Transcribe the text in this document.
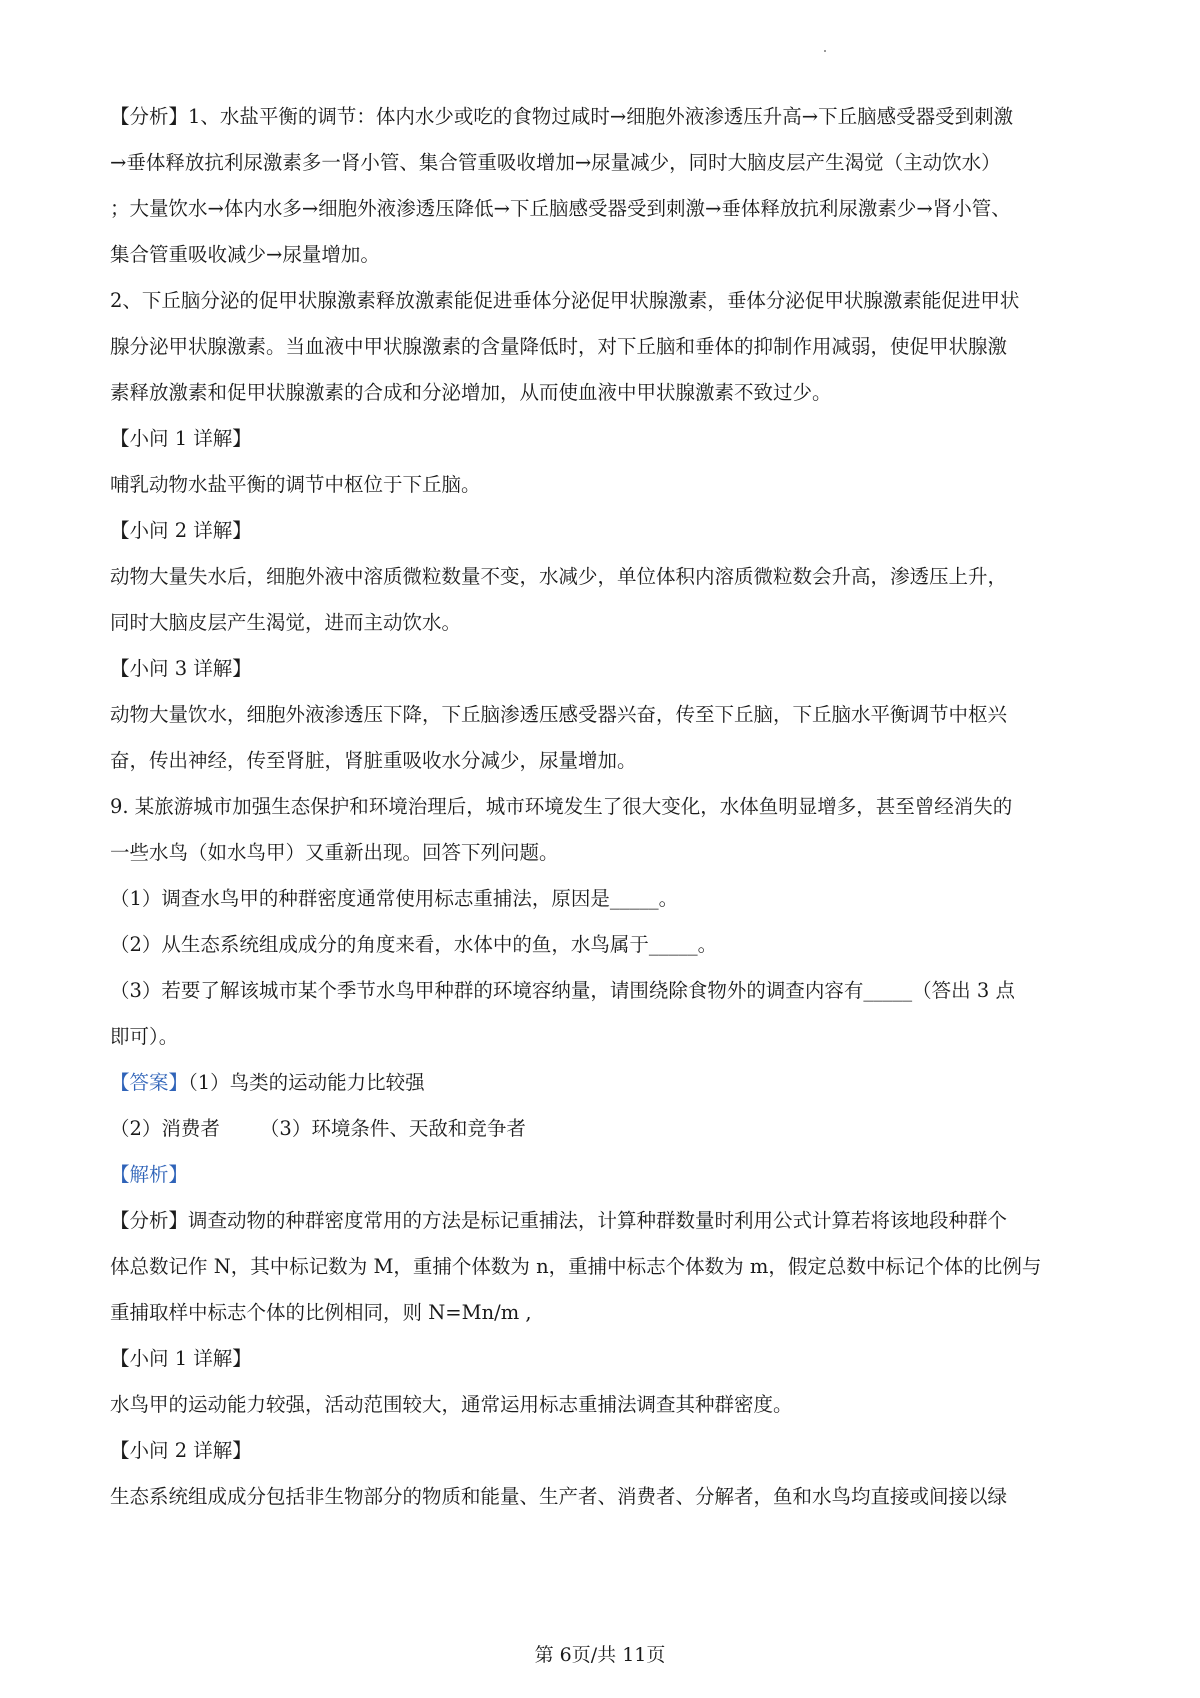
【分析】1、水盐平衡的调节：体内水少或吃的食物过咸时→细胞外液渗透压升高→下丘脑感受器受到刺激

→垂体释放抗利尿激素多一肾小管、集合管重吸收增加→尿量减少，同时大脑皮层产生渴觉（主动饮水）

；大量饮水→体内水多→细胞外液渗透压降低→下丘脑感受器受到刺激→垂体释放抗利尿激素少→肾小管、

集合管重吸收减少→尿量增加。

2、下丘脑分泌的促甲状腺激素释放激素能促进垂体分泌促甲状腺激素，垂体分泌促甲状腺激素能促进甲状

腺分泌甲状腺激素。当血液中甲状腺激素的含量降低时，对下丘脑和垂体的抑制作用减弱，使促甲状腺激

素释放激素和促甲状腺激素的合成和分泌增加，从而使血液中甲状腺激素不致过少。

【小问 1 详解】

哺乳动物水盐平衡的调节中枢位于下丘脑。

【小问 2 详解】

动物大量失水后，细胞外液中溶质微粒数量不变，水减少，单位体积内溶质微粒数会升高，渗透压上升，

同时大脑皮层产生渴觉，进而主动饮水。

【小问 3 详解】

动物大量饮水，细胞外液渗透压下降，下丘脑渗透压感受器兴奋，传至下丘脑，下丘脑水平衡调节中枢兴

奋，传出神经，传至肾脏，肾脏重吸收水分减少，尿量增加。

9. 某旅游城市加强生态保护和环境治理后，城市环境发生了很大变化，水体鱼明显增多，甚至曾经消失的

一些水鸟（如水鸟甲）又重新出现。回答下列问题。

（1）调查水鸟甲的种群密度通常使用标志重捕法，原因是_____。

（2）从生态系统组成成分的角度来看，水体中的鱼，水鸟属于_____。

（3）若要了解该城市某个季节水鸟甲种群的环境容纳量，请围绕除食物外的调查内容有_____（答出 3 点

即可）。

【答案】（1）鸟类的运动能力比较强

（2）消费者 （3）环境条件、天敌和竞争者

【解析】

【分析】调查动物的种群密度常用的方法是标记重捕法，计算种群数量时利用公式计算若将该地段种群个

体总数记作 N，其中标记数为 M，重捕个体数为 n，重捕中标志个体数为 m，假定总数中标记个体的比例与

重捕取样中标志个体的比例相同，则 N=Mn/m ,

【小问 1 详解】

水鸟甲的运动能力较强，活动范围较大，通常运用标志重捕法调查其种群密度。

【小问 2 详解】

生态系统组成成分包括非生物部分的物质和能量、生产者、消费者、分解者，鱼和水鸟均直接或间接以绿

第 6页/共 11页
